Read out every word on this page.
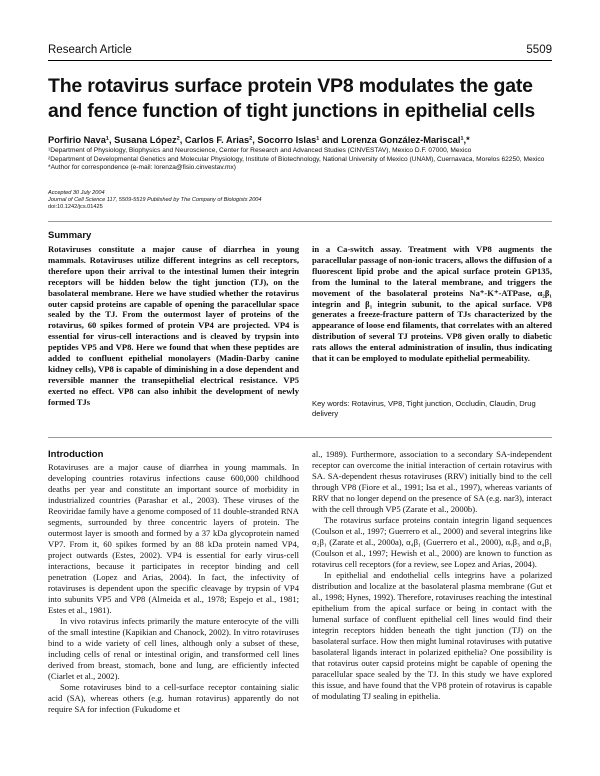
Research Article	5509
The rotavirus surface protein VP8 modulates the gate and fence function of tight junctions in epithelial cells
Porfirio Nava¹, Susana López², Carlos F. Arias², Socorro Islas¹ and Lorenza González-Mariscal¹,*

¹Department of Physiology, Biophysics and Neuroscience, Center for Research and Advanced Studies (CINVESTAV), Mexico D.F. 07000, Mexico

²Department of Developmental Genetics and Molecular Physiology, Institute of Biotechnology, National University of Mexico (UNAM), Cuernavaca, Morelos 62250, Mexico

*Author for correspondence (e-mail: lorenza@fisio.cinvestav.mx)

Accepted 30 July 2004

Journal of Cell Science 117, 5509-5519 Published by The Company of Biologists 2004

doi:10.1242/jcs.01425

Summary

Rotaviruses constitute a major cause of diarrhea in young mammals. Rotaviruses utilize different integrins as cell receptors, therefore upon their arrival to the intestinal lumen their integrin receptors will be hidden below the tight junction (TJ), on the basolateral membrane. Here we have studied whether the rotavirus outer capsid proteins are capable of opening the paracellular space sealed by the TJ. From the outermost layer of proteins of the rotavirus, 60 spikes formed of protein VP4 are projected. VP4 is essential for virus-cell interactions and is cleaved by trypsin into peptides VP5 and VP8. Here we found that when these peptides are added to confluent epithelial monolayers (Madin-Darby canine kidney cells), VP8 is capable of diminishing in a dose dependent and reversible manner the transepithelial electrical resistance. VP5 exerted no effect. VP8 can also inhibit the development of newly formed TJs

in a Ca-switch assay. Treatment with VP8 augments the paracellular passage of non-ionic tracers, allows the diffusion of a fluorescent lipid probe and the apical surface protein GP135, from the luminal to the lateral membrane, and triggers the movement of the basolateral proteins Na⁺-K⁺-ATPase, α₂β₁ integrin and β₁ integrin subunit, to the apical surface. VP8 generates a freeze-fracture pattern of TJs characterized by the appearance of loose end filaments, that correlates with an altered distribution of several TJ proteins. VP8 given orally to diabetic rats allows the enteral administration of insulin, thus indicating that it can be employed to modulate epithelial permeability.

Key words: Rotavirus, VP8, Tight junction, Occludin, Claudin, Drug delivery
Introduction

Rotaviruses are a major cause of diarrhea in young mammals. In developing countries rotavirus infections cause 600,000 childhood deaths per year and constitute an important source of morbidity in industrialized countries (Parashar et al., 2003). These viruses of the Reoviridae family have a genome composed of 11 double-stranded RNA segments, surrounded by three concentric layers of protein. The outermost layer is smooth and formed by a 37 kDa glycoprotein named VP7. From it, 60 spikes formed by an 88 kDa protein named VP4, project outwards (Estes, 2002). VP4 is essential for early virus-cell interactions, because it participates in receptor binding and cell penetration (Lopez and Arias, 2004). In fact, the infectivity of rotaviruses is dependent upon the specific cleavage by trypsin of VP4 into subunits VP5 and VP8 (Almeida et al., 1978; Espejo et al., 1981; Estes et al., 1981).

In vivo rotavirus infects primarily the mature enterocyte of the villi of the small intestine (Kapikian and Chanock, 2002). In vitro rotaviruses bind to a wide variety of cell lines, although only a subset of these, including cells of renal or intestinal origin, and transformed cell lines derived from breast, stomach, bone and lung, are efficiently infected (Ciarlet et al., 2002).

Some rotaviruses bind to a cell-surface receptor containing sialic acid (SA), whereas others (e.g. human rotavirus) apparently do not require SA for infection (Fukudome et

al., 1989). Furthermore, association to a secondary SA-independent receptor can overcome the initial interaction of certain rotavirus with SA. SA-dependent rhesus rotaviruses (RRV) initially bind to the cell through VP8 (Fiore et al., 1991; Isa et al., 1997), whereas variants of RRV that no longer depend on the presence of SA (e.g. nar3), interact with the cell through VP5 (Zarate et al., 2000b).

The rotavirus surface proteins contain integrin ligand sequences (Coulson et al., 1997; Guerrero et al., 2000) and several integrins like α₂β₁ (Zarate et al., 2000a), α₄β₁ (Guerrero et al., 2000), αᵥβ₃ and α₄β₁ (Coulson et al., 1997; Hewish et al., 2000) are known to function as rotavirus cell receptors (for a review, see Lopez and Arias, 2004).

In epithelial and endothelial cells integrins have a polarized distribution and localize at the basolateral plasma membrane (Gut et al., 1998; Hynes, 1992). Therefore, rotaviruses reaching the intestinal epithelium from the apical surface or being in contact with the lumenal surface of confluent epithelial cell lines would find their integrin receptors hidden beneath the tight junction (TJ) on the basolateral surface. How then might luminal rotaviruses with putative basolateral ligands interact in polarized epithelia? One possibility is that rotavirus outer capsid proteins might be capable of opening the paracellular space sealed by the TJ. In this study we have explored this issue, and have found that the VP8 protein of rotavirus is capable of modulating TJ sealing in epithelia.
